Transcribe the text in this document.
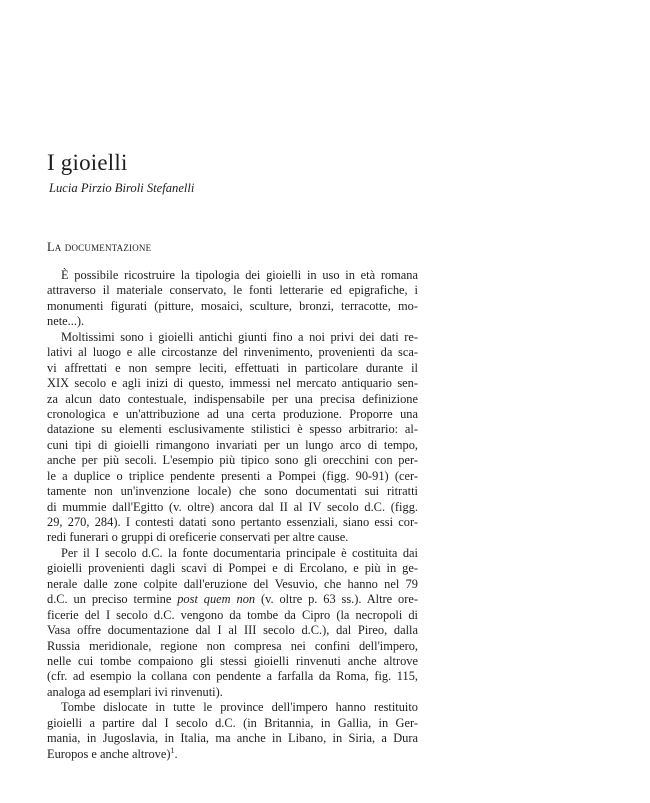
I gioielli

Lucia Pirzio Biroli Stefanelli

La documentazione

È possibile ricostruire la tipologia dei gioielli in uso in età romana
attraverso il materiale conservato, le fonti letterarie ed epigrafiche, i
monumenti figurati (pitture, mosaici, sculture, bronzi, terracotte, mo-
nete...).
Moltissimi sono i gioielli antichi giunti fino a noi privi dei dati re-
lativi al luogo e alle circostanze del rinvenimento, provenienti da sca-
vi affrettati e non sempre leciti, effettuati in particolare durante il
XIX secolo e agli inizi di questo, immessi nel mercato antiquario sen-
za alcun dato contestuale, indispensabile per una precisa definizione
cronologica e un'attribuzione ad una certa produzione. Proporre una
datazione su elementi esclusivamente stilistici è spesso arbitrario: al-
cuni tipi di gioielli rimangono invariati per un lungo arco di tempo,
anche per più secoli. L'esempio più tipico sono gli orecchini con per-
le a duplice o triplice pendente presenti a Pompei (figg. 90-91) (cer-
tamente non un'invenzione locale) che sono documentati sui ritratti
di mummie dall'Egitto (v. oltre) ancora dal II al IV secolo d.C. (figg.
29, 270, 284). I contesti datati sono pertanto essenziali, siano essi cor-
redi funerari o gruppi di oreficerie conservati per altre cause.
Per il I secolo d.C. la fonte documentaria principale è costituita dai
gioielli provenienti dagli scavi di Pompei e di Ercolano, e più in ge-
nerale dalle zone colpite dall'eruzione del Vesuvio, che hanno nel 79
d.C. un preciso termine post quem non (v. oltre p. 63 ss.). Altre ore-
ficerie del I secolo d.C. vengono da tombe da Cipro (la necropoli di
Vasa offre documentazione dal I al III secolo d.C.), dal Pireo, dalla
Russia meridionale, regione non compresa nei confini dell'impero,
nelle cui tombe compaiono gli stessi gioielli rinvenuti anche altrove
(cfr. ad esempio la collana con pendente a farfalla da Roma, fig. 115,
analoga ad esemplari ivi rinvenuti).
Tombe dislocate in tutte le province dell'impero hanno restituito
gioielli a partire dal I secolo d.C. (in Britannia, in Gallia, in Ger-
mania, in Jugoslavia, in Italia, ma anche in Libano, in Siria, a Dura
Europos e anche altrove)$^1$.
